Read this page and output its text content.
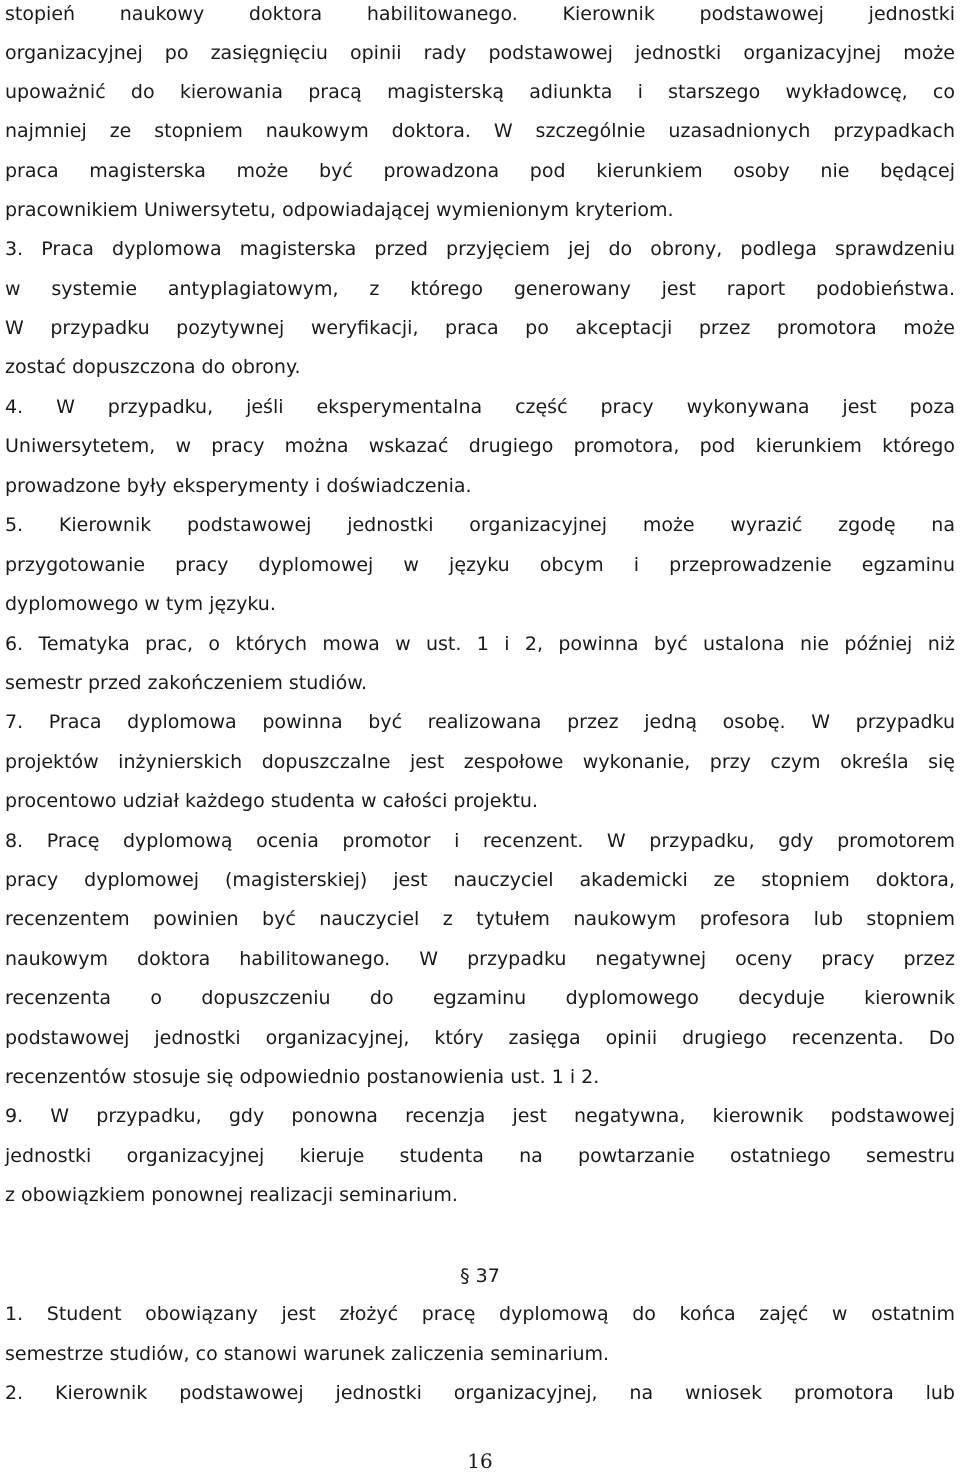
stopień naukowy doktora habilitowanego. Kierownik podstawowej jednostki
organizacyjnej po zasięgnięciu opinii rady podstawowej jednostki organizacyjnej może
upoważnić do kierowania pracą magisterską adiunkta i starszego wykładowcę, co
najmniej ze stopniem naukowym doktora. W szczególnie uzasadnionych przypadkach
praca magisterska może być prowadzona pod kierunkiem osoby nie będącej
pracownikiem Uniwersytetu, odpowiadającej wymienionym kryteriom.
3. Praca dyplomowa magisterska przed przyjęciem jej do obrony, podlega sprawdzeniu
w systemie antyplagiatowym, z którego generowany jest raport podobieństwa.
W przypadku pozytywnej weryfikacji, praca po akceptacji przez promotora może
zostać dopuszczona do obrony.
4. W przypadku, jeśli eksperymentalna część pracy wykonywana jest poza
Uniwersytetem, w pracy można wskazać drugiego promotora, pod kierunkiem którego
prowadzone były eksperymenty i doświadczenia.
5. Kierownik podstawowej jednostki organizacyjnej może wyrazić zgodę na
przygotowanie pracy dyplomowej w języku obcym i przeprowadzenie egzaminu
dyplomowego w tym języku.
6. Tematyka prac, o których mowa w ust. 1 i 2, powinna być ustalona nie później niż
semestr przed zakończeniem studiów.
7. Praca dyplomowa powinna być realizowana przez jedną osobę. W przypadku
projektów inżynierskich dopuszczalne jest zespołowe wykonanie, przy czym określa się
procentowo udział każdego studenta w całości projektu.
8. Pracę dyplomową ocenia promotor i recenzent. W przypadku, gdy promotorem
pracy dyplomowej (magisterskiej) jest nauczyciel akademicki ze stopniem doktora,
recenzentem powinien być nauczyciel z tytułem naukowym profesora lub stopniem
naukowym doktora habilitowanego. W przypadku negatywnej oceny pracy przez
recenzenta o dopuszczeniu do egzaminu dyplomowego decyduje kierownik
podstawowej jednostki organizacyjnej, który zasięga opinii drugiego recenzenta. Do
recenzentów stosuje się odpowiednio postanowienia ust. 1 i 2.
9. W przypadku, gdy ponowna recenzja jest negatywna, kierownik podstawowej
jednostki organizacyjnej kieruje studenta na powtarzanie ostatniego semestru
z obowiązkiem ponownej realizacji seminarium.
§ 37
1. Student obowiązany jest złożyć pracę dyplomową do końca zajęć w ostatnim
semestrze studiów, co stanowi warunek zaliczenia seminarium.
2. Kierownik podstawowej jednostki organizacyjnej, na wniosek promotora lub
16
